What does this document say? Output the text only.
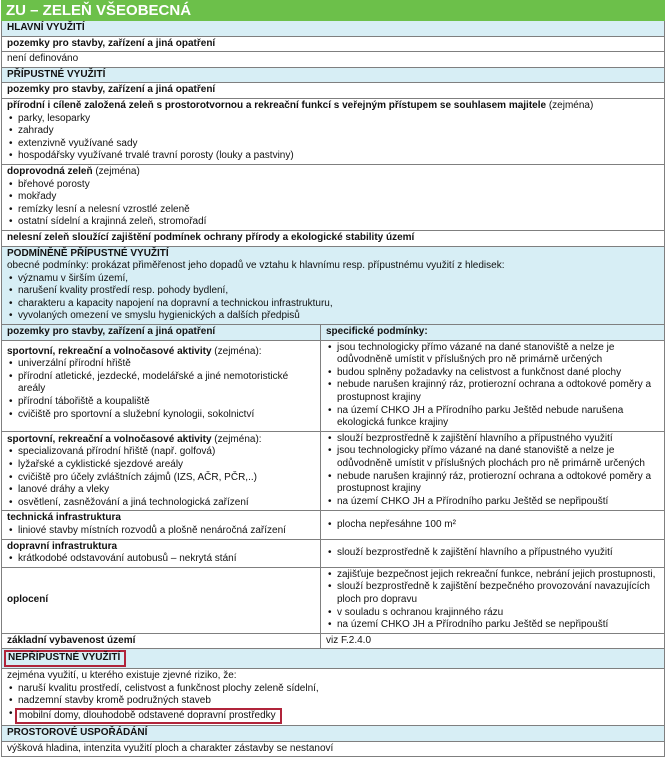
ZU – ZELEŇ VŠEOBECNÁ
HLAVNÍ VYUŽITÍ
pozemky pro stavby, zařízení a jiná opatření
není definováno
PŘÍPUSTNÉ VYUŽITÍ
pozemky pro stavby, zařízení a jiná opatření
přírodní i cíleně založená zeleň s prostorotvornou a rekreační funkcí s veřejným přístupem se souhlasem majitele (zejména)
• parky, lesoparky
• zahrady
• extenzivně využívané sady
• hospodářsky využívané trvalé travní porosty (louky a pastviny)
doprovodná zeleň (zejména)
• břehové porosty
• mokřady
• remízky lesní a nelesní vzrostlé zeleně
• ostatní sídelní a krajinná zeleň, stromořadí
nelesní zeleň sloužící zajištění podmínek ochrany přírody a ekologické stability území
PODMÍNĚNĚ PŘÍPUSTNÉ VYUŽITÍ
obecné podmínky: prokázat přiměřenost jeho dopadů ve vztahu k hlavnímu resp. přípustnému využití z hledisek:
• významu v širším území,
• narušení kvality prostředí resp. pohody bydlení,
• charakteru a kapacity napojení na dopravní a technickou infrastrukturu,
• vyvolaných omezení ve smyslu hygienických a dalších předpisů
pozemky pro stavby, zařízení a jiná opatření	specifické podmínky:
sportovní, rekreační a volnočasové aktivity (zejména):
• univerzální přírodní hřiště
• přírodní atletické, jezdecké, modelářské a jiné nemotoristické areály
• přírodní tábořiště a koupaliště
• cvičiště pro sportovní a služební kynologii, sokolnictví
• jsou technologicky přímo vázané na dané stanoviště a nelze je odůvodněně umístit v příslušných pro ně primárně určených
• budou splněny požadavky na celistvost a funkčnost dané plochy
• nebude narušen krajinný ráz, protierozní ochrana a odtokové poměry a prostupnost krajiny
• na území CHKO JH a Přírodního parku Ještěd nebude narušena ekologická funkce krajiny
sportovní, rekreační a volnočasové aktivity (zejména):
• specializovaná přírodní hřiště (např. golfová)
• lyžařské a cyklistické sjezdové areály
• cvičiště pro účely zvláštních zájmů (IZS, AČR, PČR,..)
• lanové dráhy a vleky
• osvětlení, zasněžování a jiná technologická zařízení
• slouží bezprostředně k zajištění hlavního a přípustného využití
• jsou technologicky přímo vázané na dané stanoviště a nelze je odůvodněně umístit v příslušných plochách pro ně primárně určených
• nebude narušen krajinný ráz, protierozní ochrana a odtokové poměry a prostupnost krajiny
• na území CHKO JH a Přírodního parku Ještěd se nepřipouští
technická infrastruktura
• liniové stavby místních rozvodů a plošně nenáročná zařízení
• plocha nepřesáhne 100 m²
dopravní infrastruktura
• krátkodobé odstavování autobusů – nekrytá stání
• slouží bezprostředně k zajištění hlavního a přípustného využití
oplocení
• zajišťuje bezpečnost jejich rekreační funkce, nebrání jejich prostupnosti,
• slouží bezprostředně k zajištění bezpečného provozování navazujících ploch pro dopravu
• v souladu s ochranou krajinného rázu
• na území CHKO JH a Přírodního parku Ještěd se nepřipouští
základní vybavenost území	viz F.2.4.0
NEPŘÍPUSTNÉ VYUŽITÍ
zejména využití, u kterého existuje zjevné riziko, že:
• naruší kvalitu prostředí, celistvost a funkčnost plochy zeleně sídelní,
• nadzemní stavby kromě podružných staveb
• mobilní domy, dlouhodobě odstavené dopravní prostředky
PROSTOROVÉ USPOŘÁDÁNÍ
výšková hladina, intenzita využití ploch a charakter zástavby se nestanoví
